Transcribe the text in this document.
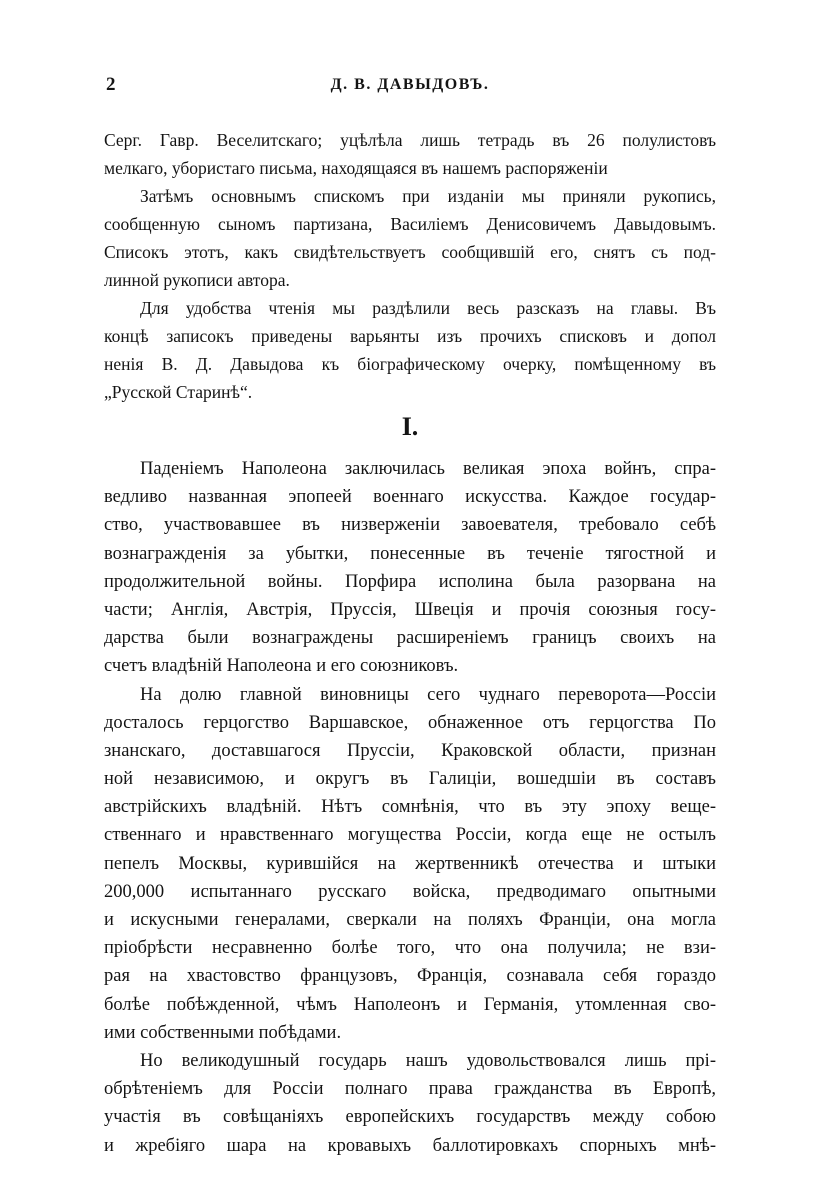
2	Д. В. ДАВЫДОВЪ.
Серг. Гавр. Веселитскаго; уцѣлѣла лишь тетрадь въ 26 полулистовъ
мелкаго, убористаго письма, находящаяся въ нашемъ распоряженіи
Затѣмъ основнымъ спискомъ при изданіи мы приняли рукопись,
сообщенную сыномъ партизана, Василіемъ Денисовичемъ Давыдовымъ.
Списокъ этотъ, какъ свидѣтельствуетъ сообщившій его, снятъ съ под-
линной рукописи автора.
Для удобства чтенія мы раздѣлили весь разсказъ на главы. Въ
концѣ записокъ приведены варьянты изъ прочихъ списковъ и допол
ненія В. Д. Давыдова къ біографическому очерку, помѣщенному въ
„Русской Старинѣ“.
I.
Паденіемъ Наполеона заключилась великая эпоха войнъ, спра-
ведливо названная эпопеей военнаго искусства. Каждое государ-
ство, участвовавшее въ низверженіи завоевателя, требовало себѣ
вознагражденія за убытки, понесенные въ теченіе тягостной и
продолжительной войны. Порфира исполина была разорвана на
части; Англія, Австрія, Пруссія, Швеція и прочія союзныя госу-
дарства были вознаграждены расширеніемъ границъ своихъ на
счетъ владѣній Наполеона и его союзниковъ.
На долю главной виновницы сего чуднаго переворота—Россіи
досталось герцогство Варшавское, обнаженное отъ герцогства По
знанскаго, доставшагося Пруссіи, Краковской области, признан
ной независимою, и округъ въ Галиціи, вошедшіи въ составъ
австрійскихъ владѣній. Нѣтъ сомнѣнія, что въ эту эпоху веще-
ственнаго и нравственнаго могущества Россіи, когда еще не остылъ
пепелъ Москвы, курившійся на жертвенникѣ отечества и штыки
200,000 испытаннаго русскаго войска, предводимаго опытными
и искусными генералами, сверкали на поляхъ Франціи, она могла
пріобрѣсти несравненно болѣе того, что она получила; не взи-
рая на хвастовство французовъ, Франція, сознавала себя гораздо
болѣе побѣжденной, чѣмъ Наполеонъ и Германія, утомленная сво-
ими собственными побѣдами.
Но великодушный государь нашъ удовольствовался лишь прі-
обрѣтеніемъ для Россіи полнаго права гражданства въ Европѣ,
участія въ совѣщаніяхъ европейскихъ государствъ между собою
и жребіяго шара на кровавыхъ баллотировкахъ спорныхъ мнѣ-
